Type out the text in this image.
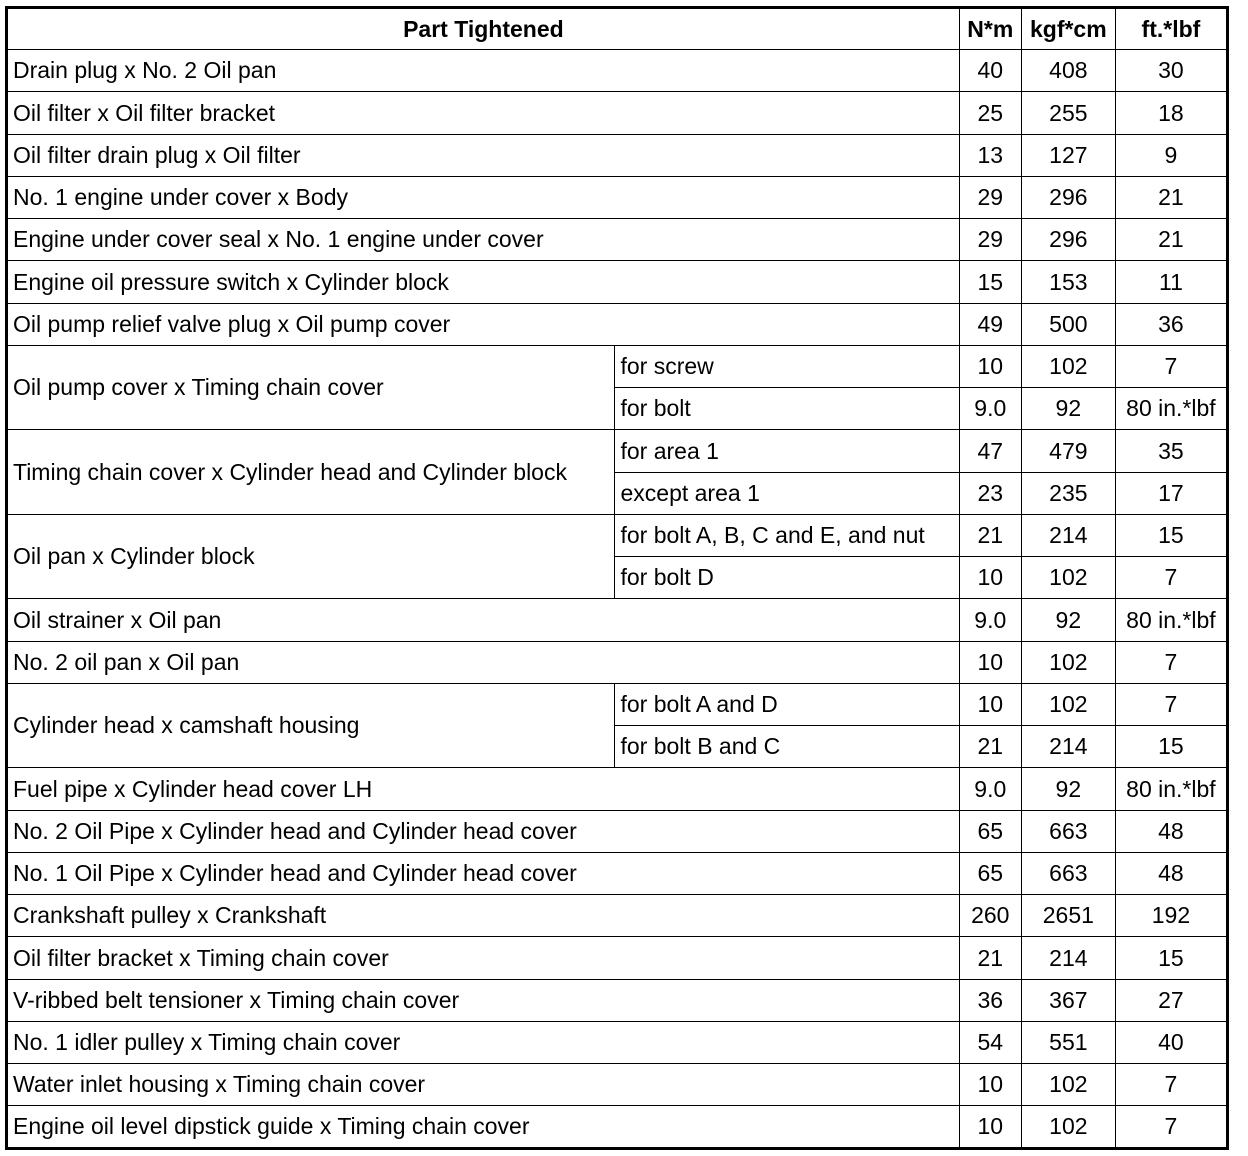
Part Tightened		N*m	kgf*cm	ft.*lbf
Drain plug x No. 2 Oil pan		40	408	30
Oil filter x Oil filter bracket		25	255	18
Oil filter drain plug x Oil filter		13	127	9
No. 1 engine under cover x Body		29	296	21
Engine under cover seal x No. 1 engine under cover		29	296	21
Engine oil pressure switch x Cylinder block		15	153	11
Oil pump relief valve plug x Oil pump cover		49	500	36
Oil pump cover x Timing chain cover	for screw	10	102	7
	for bolt	9.0	92	80 in.*lbf
Timing chain cover x Cylinder head and Cylinder block	for area 1	47	479	35
	except area 1	23	235	17
Oil pan x Cylinder block	for bolt A, B, C and E, and nut	21	214	15
	for bolt D	10	102	7
Oil strainer x Oil pan		9.0	92	80 in.*lbf
No. 2 oil pan x Oil pan		10	102	7
Cylinder head x camshaft housing	for bolt A and D	10	102	7
	for bolt B and C	21	214	15
Fuel pipe x Cylinder head cover LH		9.0	92	80 in.*lbf
No. 2 Oil Pipe x Cylinder head and Cylinder head cover		65	663	48
No. 1 Oil Pipe x Cylinder head and Cylinder head cover		65	663	48
Crankshaft pulley x Crankshaft		260	2651	192
Oil filter bracket x Timing chain cover		21	214	15
V-ribbed belt tensioner x Timing chain cover		36	367	27
No. 1 idler pulley x Timing chain cover		54	551	40
Water inlet housing x Timing chain cover		10	102	7
Engine oil level dipstick guide x Timing chain cover		10	102	7
